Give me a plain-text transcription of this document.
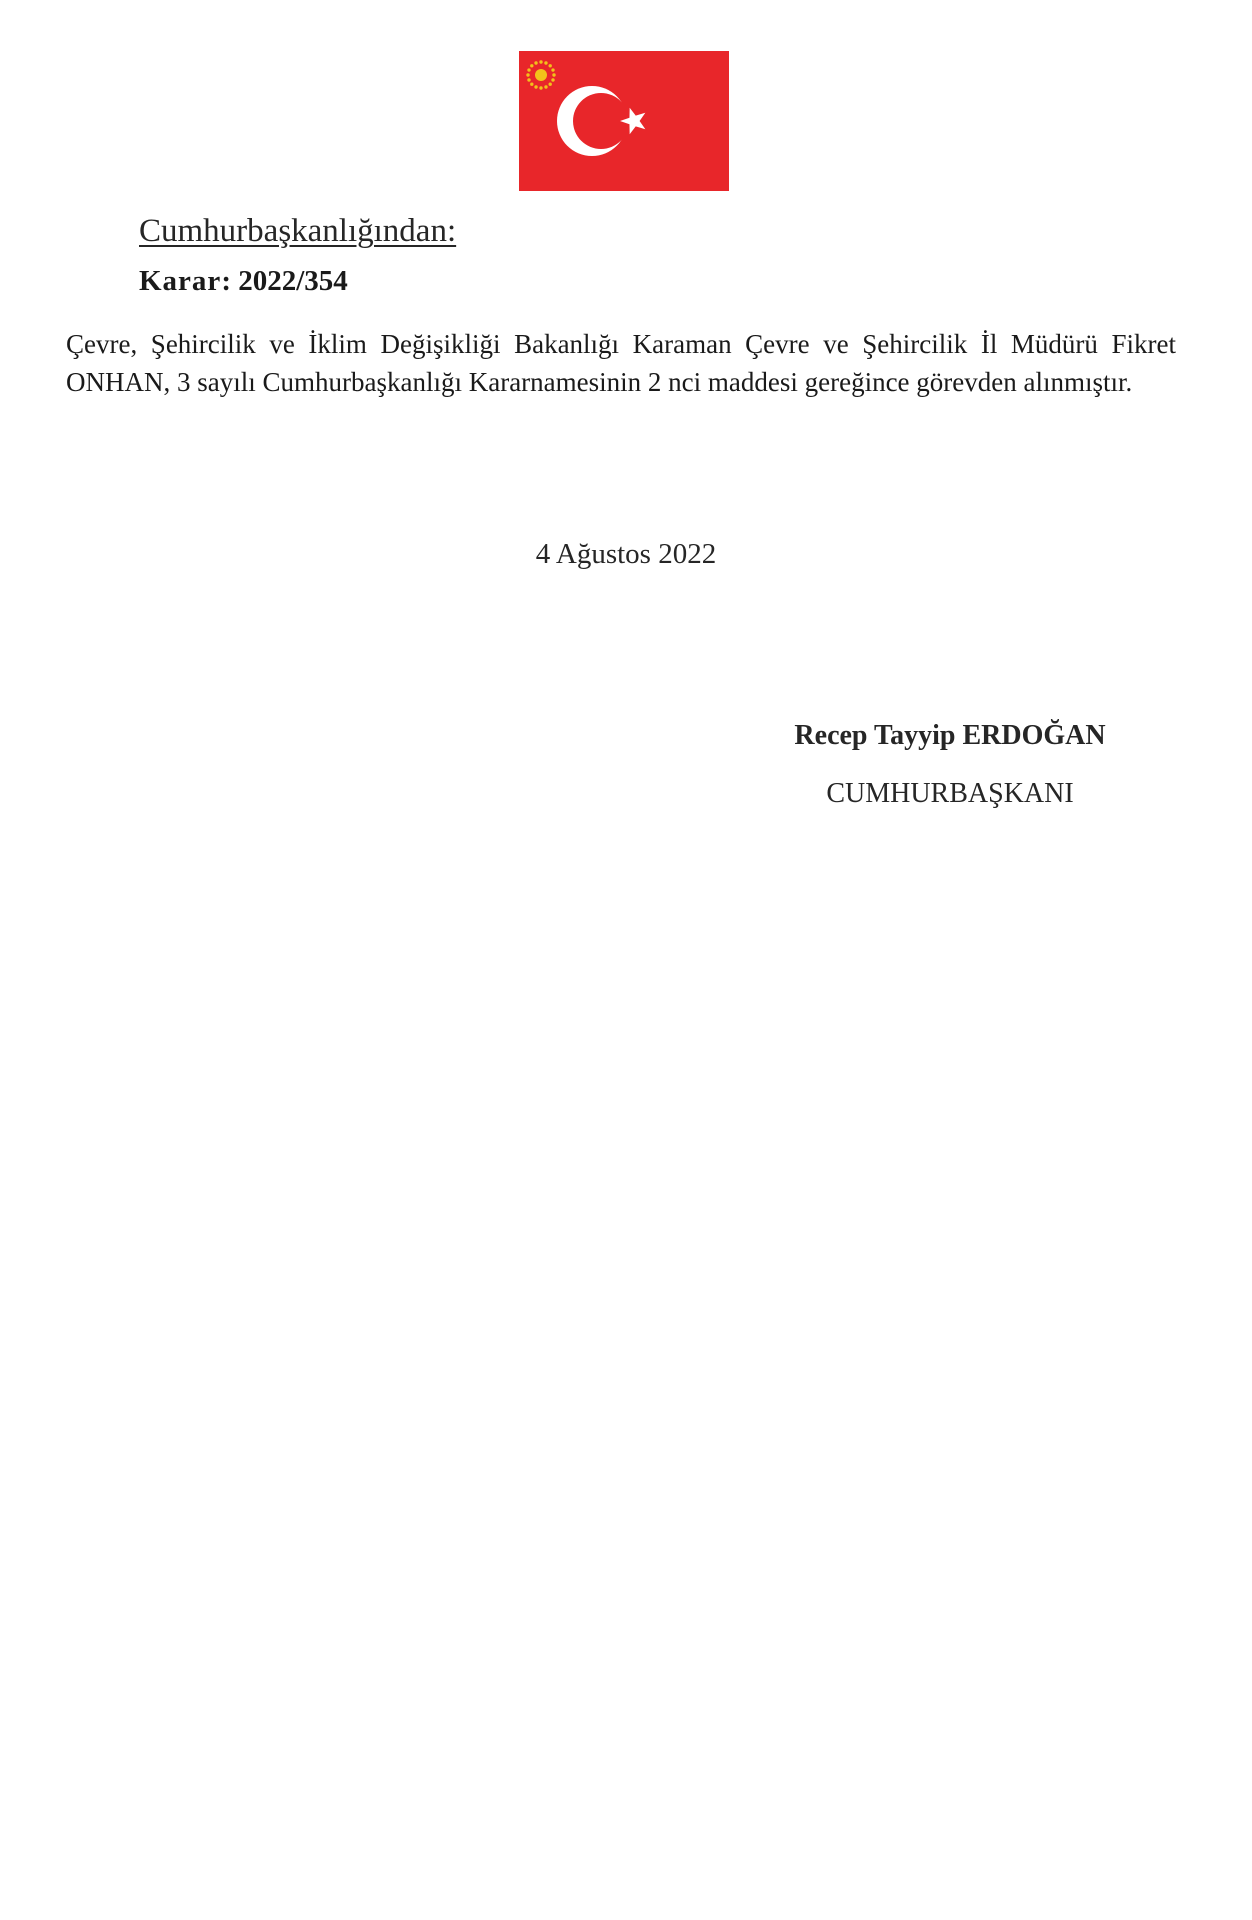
Cumhurbaşkanlığından:
Karar: 2022/354
Çevre, Şehircilik ve İklim Değişikliği Bakanlığı Karaman Çevre ve Şehircilik İl Müdürü Fikret ONHAN, 3 sayılı Cumhurbaşkanlığı Kararnamesinin 2 nci maddesi gereğince görevden alınmıştır.
4 Ağustos 2022
Recep Tayyip ERDOĞAN
CUMHURBAŞKANI
